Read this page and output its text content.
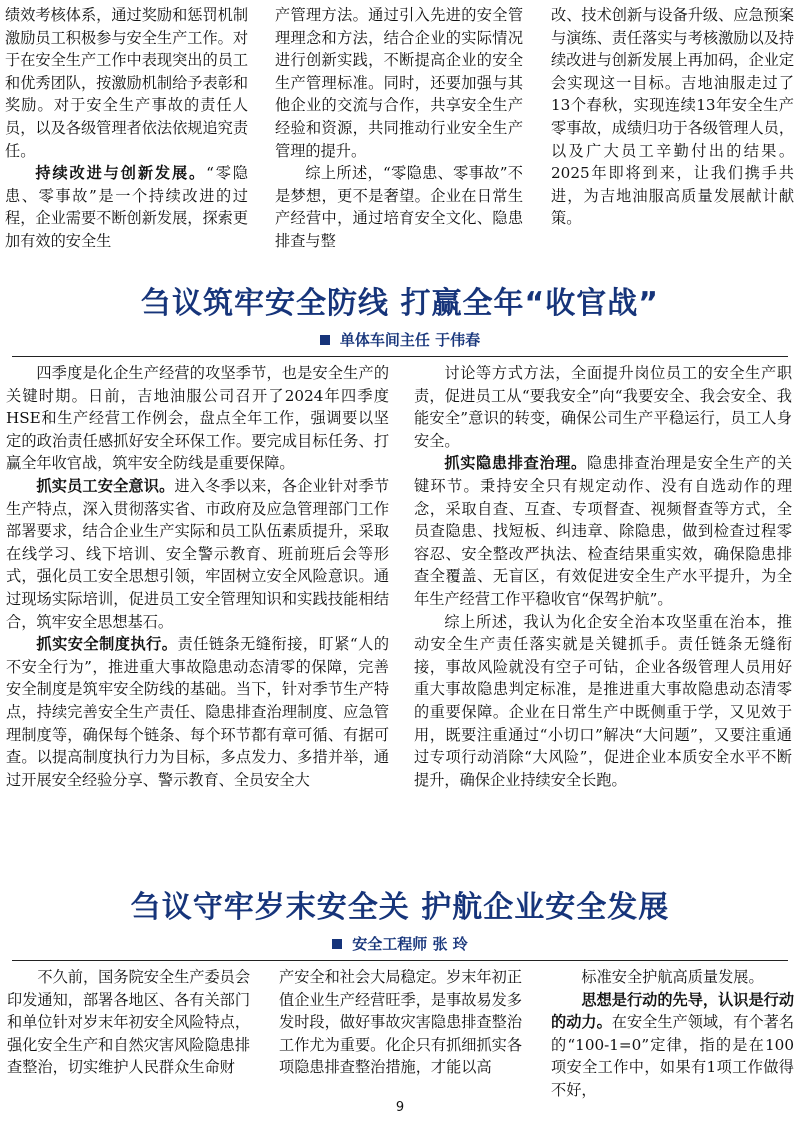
绩效考核体系，通过奖励和惩罚机制激励员工积极参与安全生产工作。对于在安全生产工作中表现突出的员工和优秀团队，按激励机制给予表彰和奖励。对于安全生产事故的责任人员，以及各级管理者依法依规追究责任。

持续改进与创新发展。“零隐患、零事故”是一个持续改进的过程，企业需要不断创新发展，探索更加有效的安全生

产管理方法。通过引入先进的安全管理理念和方法，结合企业的实际情况进行创新实践，不断提高企业的安全生产管理标准。同时，还要加强与其他企业的交流与合作，共享安全生产经验和资源，共同推动行业安全生产管理的提升。

综上所述，“零隐患、零事故”不是梦想，更不是奢望。企业在日常生产经营中，通过培育安全文化、隐患排查与整

改、技术创新与设备升级、应急预案与演练、责任落实与考核激励以及持续改进与创新发展上再加码，企业定会实现这一目标。吉地油服走过了13个春秋，实现连续13年安全生产零事故，成绩归功于各级管理人员，以及广大员工辛勤付出的结果。2025年即将到来，让我们携手共进，为吉地油服高质量发展献计献策。

刍议筑牢安全防线 打赢全年“收官战”
单体车间主任 于伟春

四季度是化企生产经营的攻坚季节，也是安全生产的关键时期。日前，吉地油服公司召开了2024年四季度HSE和生产经营工作例会，盘点全年工作，强调要以坚定的政治责任感抓好安全环保工作。要完成目标任务、打赢全年收官战，筑牢安全防线是重要保障。

抓实员工安全意识。进入冬季以来，各企业针对季节生产特点，深入贯彻落实省、市政府及应急管理部门工作部署要求，结合企业生产实际和员工队伍素质提升，采取在线学习、线下培训、安全警示教育、班前班后会等形式，强化员工安全思想引领，牢固树立安全风险意识。通过现场实际培训，促进员工安全管理知识和实践技能相结合，筑牢安全思想基石。

抓实安全制度执行。责任链条无缝衔接，盯紧“人的不安全行为”，推进重大事故隐患动态清零的保障，完善安全制度是筑牢安全防线的基础。当下，针对季节生产特点，持续完善安全生产责任、隐患排查治理制度、应急管理制度等，确保每个链条、每个环节都有章可循、有据可查。以提高制度执行力为目标，多点发力、多措并举，通过开展安全经验分享、警示教育、全员安全大

讨论等方式方法，全面提升岗位员工的安全生产职责，促进员工从“要我安全”向“我要安全、我会安全、我能安全”意识的转变，确保公司生产平稳运行，员工人身安全。

抓实隐患排查治理。隐患排查治理是安全生产的关键环节。秉持安全只有规定动作、没有自选动作的理念，采取自查、互查、专项督查、视频督查等方式，全员查隐患、找短板、纠违章、除隐患，做到检查过程零容忍、安全整改严执法、检查结果重实效，确保隐患排查全覆盖、无盲区，有效促进安全生产水平提升，为全年生产经营工作平稳收官“保驾护航”。

综上所述，我认为化企安全治本攻坚重在治本，推动安全生产责任落实就是关键抓手。责任链条无缝衔接，事故风险就没有空子可钻，企业各级管理人员用好重大事故隐患判定标准，是推进重大事故隐患动态清零的重要保障。企业在日常生产中既侧重于学，又见效于用，既要注重通过“小切口”解决“大问题”，又要注重通过专项行动消除“大风险”，促进企业本质安全水平不断提升，确保企业持续安全长跑。

刍议守牢岁末安全关 护航企业安全发展
安全工程师 张 玲

不久前，国务院安全生产委员会印发通知，部署各地区、各有关部门和单位针对岁末年初安全风险特点，强化安全生产和自然灾害风险隐患排查整治，切实维护人民群众生命财

产安全和社会大局稳定。岁末年初正值企业生产经营旺季，是事故易发多发时段，做好事故灾害隐患排查整治工作尤为重要。化企只有抓细抓实各项隐患排查整治措施，才能以高

标准安全护航高质量发展。

思想是行动的先导，认识是行动的动力。在安全生产领域，有个著名的“100-1=0”定律，指的是在100项安全工作中，如果有1项工作做得不好，

9
